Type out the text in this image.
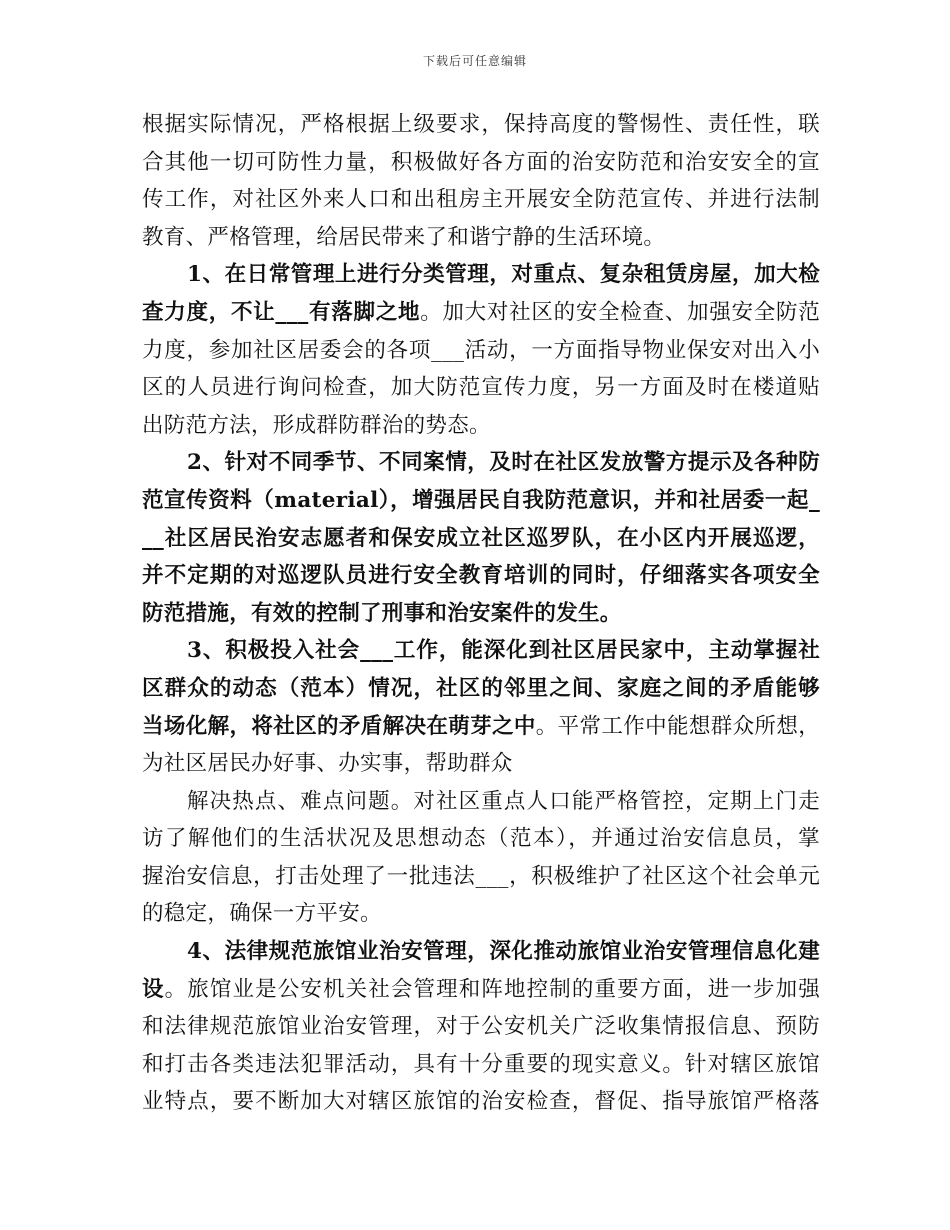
下载后可任意编辑
根据实际情况，严格根据上级要求，保持高度的警惕性、责任性，联
合其他一切可防性力量，积极做好各方面的治安防范和治安安全的宣
传工作，对社区外来人口和出租房主开展安全防范宣传、并进行法制
教育、严格管理，给居民带来了和谐宁静的生活环境。
1、在日常管理上进行分类管理，对重点、复杂租赁房屋，加大检
查力度，不让___有落脚之地。加大对社区的安全检查、加强安全防范
力度，参加社区居委会的各项___活动，一方面指导物业保安对出入小
区的人员进行询问检查，加大防范宣传力度，另一方面及时在楼道贴
出防范方法，形成群防群治的势态。
2、针对不同季节、不同案情，及时在社区发放警方提示及各种防
范宣传资料（material），增强居民自我防范意识，并和社居委一起_
__社区居民治安志愿者和保安成立社区巡罗队，在小区内开展巡逻，
并不定期的对巡逻队员进行安全教育培训的同时，仔细落实各项安全
防范措施，有效的控制了刑事和治安案件的发生。
3、积极投入社会___工作，能深化到社区居民家中，主动掌握社
区群众的动态（范本）情况，社区的邻里之间、家庭之间的矛盾能够
当场化解，将社区的矛盾解决在萌芽之中。平常工作中能想群众所想，
为社区居民办好事、办实事，帮助群众
解决热点、难点问题。对社区重点人口能严格管控，定期上门走
访了解他们的生活状况及思想动态（范本），并通过治安信息员，掌
握治安信息，打击处理了一批违法___，积极维护了社区这个社会单元
的稳定，确保一方平安。
4、法律规范旅馆业治安管理，深化推动旅馆业治安管理信息化建
设。旅馆业是公安机关社会管理和阵地控制的重要方面，进一步加强
和法律规范旅馆业治安管理，对于公安机关广泛收集情报信息、预防
和打击各类违法犯罪活动，具有十分重要的现实意义。针对辖区旅馆
业特点，要不断加大对辖区旅馆的治安检查，督促、指导旅馆严格落
